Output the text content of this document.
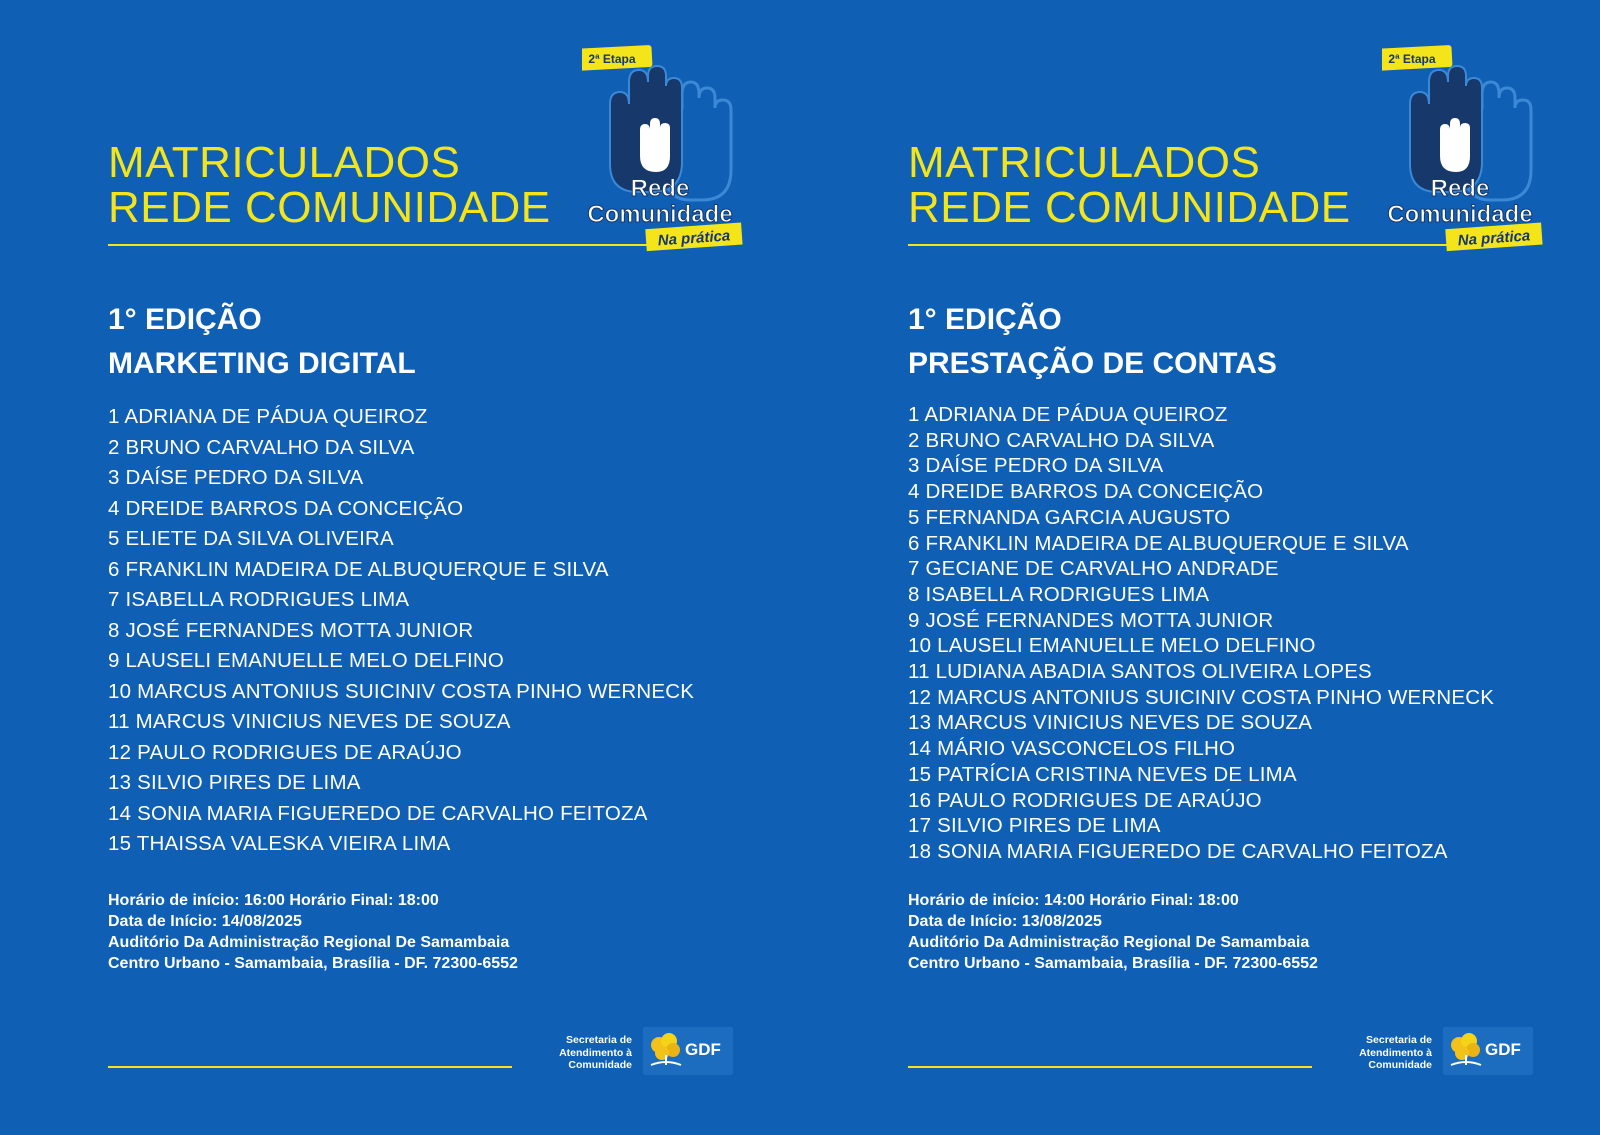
MATRICULADOS
REDE COMUNIDADE
2ª Etapa
Rede
Comunidade
Na prática
1° EDIÇÃO
MARKETING DIGITAL
1 ADRIANA DE PÁDUA QUEIROZ
2 BRUNO CARVALHO DA SILVA
3 DAÍSE PEDRO DA SILVA
4 DREIDE BARROS DA CONCEIÇÃO
5 ELIETE DA SILVA OLIVEIRA
6 FRANKLIN MADEIRA DE ALBUQUERQUE E SILVA
7 ISABELLA RODRIGUES LIMA
8 JOSÉ FERNANDES MOTTA JUNIOR
9 LAUSELI EMANUELLE MELO DELFINO
10 MARCUS ANTONIUS SUICINIV COSTA PINHO WERNECK
11 MARCUS VINICIUS NEVES DE SOUZA
12 PAULO RODRIGUES DE ARAÚJO
13 SILVIO PIRES DE LIMA
14 SONIA MARIA FIGUEREDO DE CARVALHO FEITOZA
15 THAISSA VALESKA VIEIRA LIMA
Horário de início: 16:00 Horário Final: 18:00
Data de Início: 14/08/2025
Auditório Da Administração Regional De Samambaia
Centro Urbano - Samambaia, Brasília - DF. 72300-6552
Secretaria de
Atendimento à
Comunidade
GDF
MATRICULADOS
REDE COMUNIDADE
2ª Etapa
Rede
Comunidade
Na prática
1° EDIÇÃO
PRESTAÇÃO DE CONTAS
1 ADRIANA DE PÁDUA QUEIROZ
2 BRUNO CARVALHO DA SILVA
3 DAÍSE PEDRO DA SILVA
4 DREIDE BARROS DA CONCEIÇÃO
5 FERNANDA GARCIA AUGUSTO
6 FRANKLIN MADEIRA DE ALBUQUERQUE E SILVA
7 GECIANE DE CARVALHO ANDRADE
8 ISABELLA RODRIGUES LIMA
9 JOSÉ FERNANDES MOTTA JUNIOR
10 LAUSELI EMANUELLE MELO DELFINO
11 LUDIANA ABADIA SANTOS OLIVEIRA LOPES
12 MARCUS ANTONIUS SUICINIV COSTA PINHO WERNECK
13 MARCUS VINICIUS NEVES DE SOUZA
14 MÁRIO VASCONCELOS FILHO
15 PATRÍCIA CRISTINA NEVES DE LIMA
16 PAULO RODRIGUES DE ARAÚJO
17 SILVIO PIRES DE LIMA
18 SONIA MARIA FIGUEREDO DE CARVALHO FEITOZA
Horário de início: 14:00 Horário Final: 18:00
Data de Início: 13/08/2025
Auditório Da Administração Regional De Samambaia
Centro Urbano - Samambaia, Brasília - DF. 72300-6552
Secretaria de
Atendimento à
Comunidade
GDF
